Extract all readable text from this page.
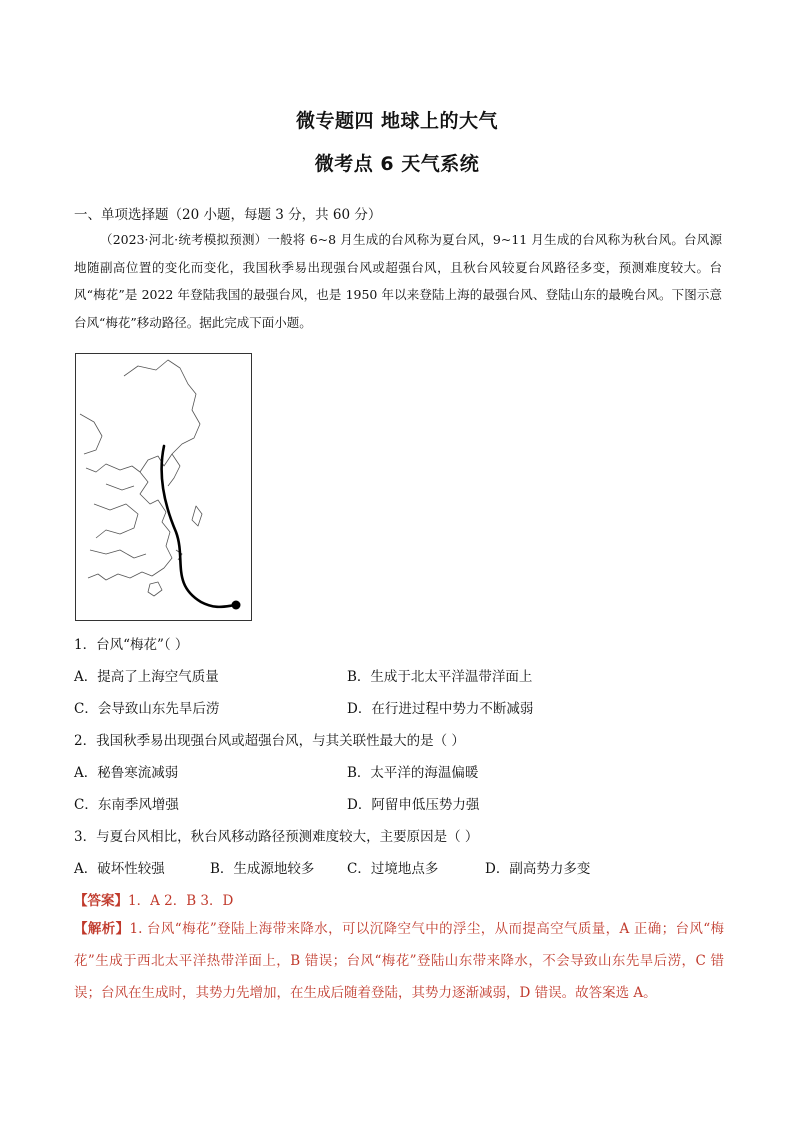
微专题四 地球上的大气
微考点 6 天气系统
一、单项选择题（20 小题，每题 3 分，共 60 分）
（2023·河北·统考模拟预测）一般将 6~8 月生成的台风称为夏台风，9~11 月生成的台风称为秋台风。台风源地随副高位置的变化而变化，我国秋季易出现强台风或超强台风，且秋台风较夏台风路径多变，预测难度较大。台风“梅花”是 2022 年登陆我国的最强台风，也是 1950 年以来登陆上海的最强台风、登陆山东的最晚台风。下图示意台风“梅花”移动路径。据此完成下面小题。
1．台风“梅花”（ ）
A．提高了上海空气质量	B．生成于北太平洋温带洋面上
C．会导致山东先旱后涝	D．在行进过程中势力不断减弱
2．我国秋季易出现强台风或超强台风，与其关联性最大的是（ ）
A．秘鲁寒流减弱	B．太平洋的海温偏暖
C．东南季风增强	D．阿留申低压势力强
3．与夏台风相比，秋台风移动路径预测难度较大，主要原因是（ ）
A．破坏性较强	B．生成源地较多 C．过境地点多	D．副高势力多变
【答案】1．A 2．B 3．D
【解析】1. 台风“梅花”登陆上海带来降水，可以沉降空气中的浮尘，从而提高空气质量，A 正确；台风“梅花”生成于西北太平洋热带洋面上，B 错误；台风“梅花”登陆山东带来降水，不会导致山东先旱后涝，C 错误；台风在生成时，其势力先增加，在生成后随着登陆，其势力逐渐减弱，D 错误。故答案选 A。
